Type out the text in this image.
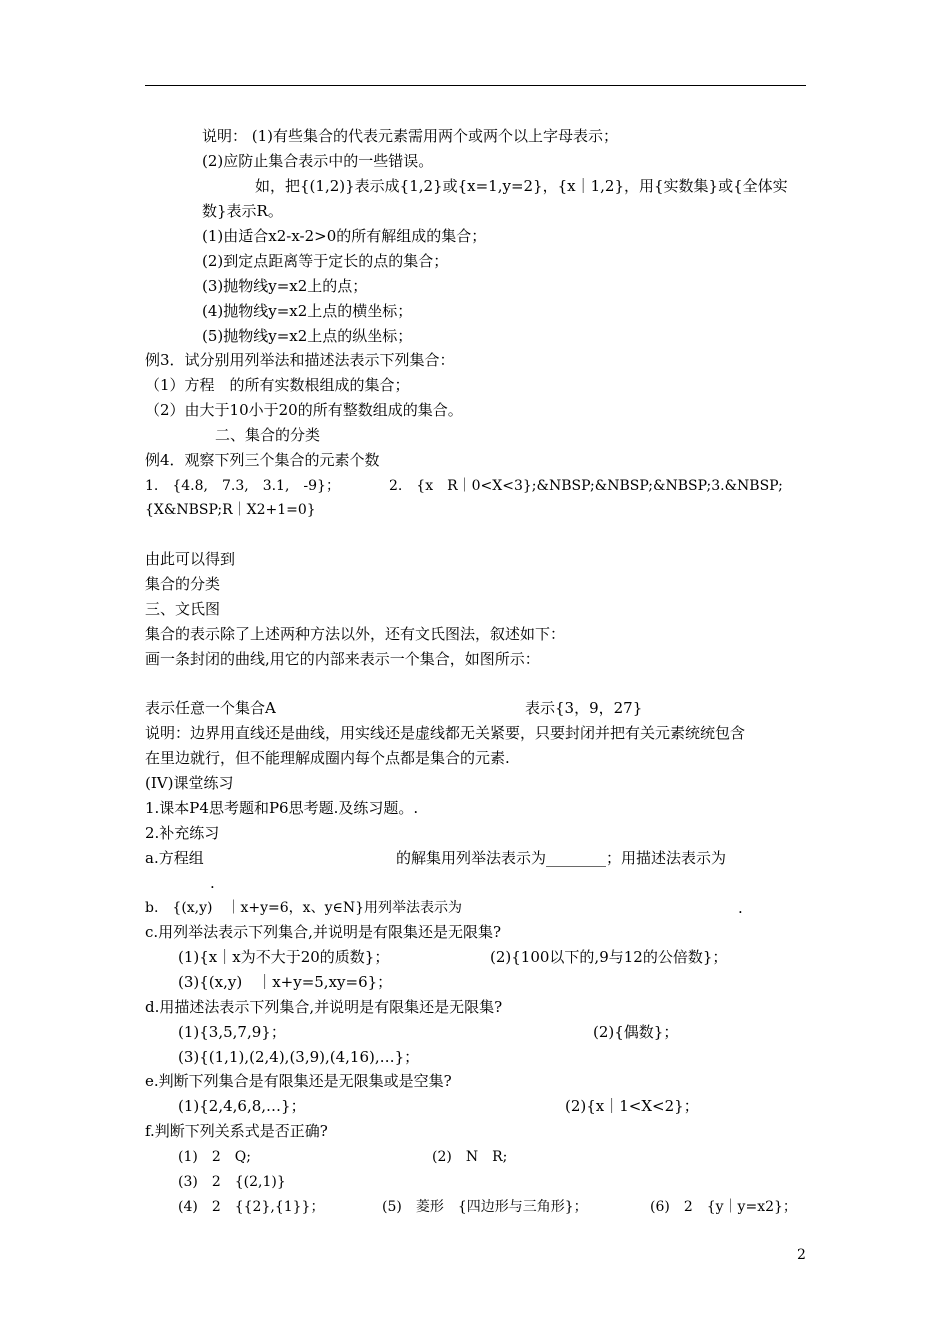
说明： (1)有些集合的代表元素需用两个或两个以上字母表示；
(2)应防止集合表示中的一些错误。
如，把{(1,2)}表示成{1,2}或{x=1,y=2}，{x｜1,2}，用{实数集}或{全体实
数}表示R。
(1)由适合x2-x-2>0的所有解组成的集合；
(2)到定点距离等于定长的点的集合；
(3)抛物线y=x2上的点；
(4)抛物线y=x2上点的横坐标；
(5)抛物线y=x2上点的纵坐标；
例3．试分别用列举法和描述法表示下列集合：
（1）方程　的所有实数根组成的集合；
（2）由大于10小于20的所有整数组成的集合。
二、集合的分类
例4．观察下列三个集合的元素个数
1.　{4.8,　7.3,　3.1,　-9}；　　　　2.　{x　R｜0<X<3};&NBSP;&NBSP;&NBSP;3.&NBSP;
{X&NBSP;R｜X2+1=0}
由此可以得到
集合的分类
三、文氏图
集合的表示除了上述两种方法以外，还有文氏图法，叙述如下：
画一条封闭的曲线,用它的内部来表示一个集合，如图所示：
表示任意一个集合A	表示{3，9，27}
说明：边界用直线还是曲线，用实线还是虚线都无关紧要，只要封闭并把有关元素统统包含
在里边就行，但不能理解成圈内每个点都是集合的元素.
(IV)课堂练习
1.课本P4思考题和P6思考题.及练习题。.
2.补充练习
a.方程组	的解集用列举法表示为________；用描述法表示为
.
b.　{(x,y)　｜x+y=6，x、y∈N}用列举法表示为	.
c.用列举法表示下列集合,并说明是有限集还是无限集?
(1){x｜x为不大于20的质数}；	(2){100以下的,9与12的公倍数}；
(3){(x,y)　｜x+y=5,xy=6}；
d.用描述法表示下列集合,并说明是有限集还是无限集?
(1){3,5,7,9}；	(2){偶数}；
(3){(1,1),(2,4),(3,9),(4,16),…}；
e.判断下列集合是有限集还是无限集或是空集?
(1){2,4,6,8,…}；	(2){x｜1<X<2}；
f.判断下列关系式是否正确?
(1)　2　Q;	(2)　N　R;
(3)　2　{(2,1)}
(4)　2　{{2},{1}}；	(5)　菱形　{四边形与三角形}；	(6)　2　{y｜y=x2}；
2
